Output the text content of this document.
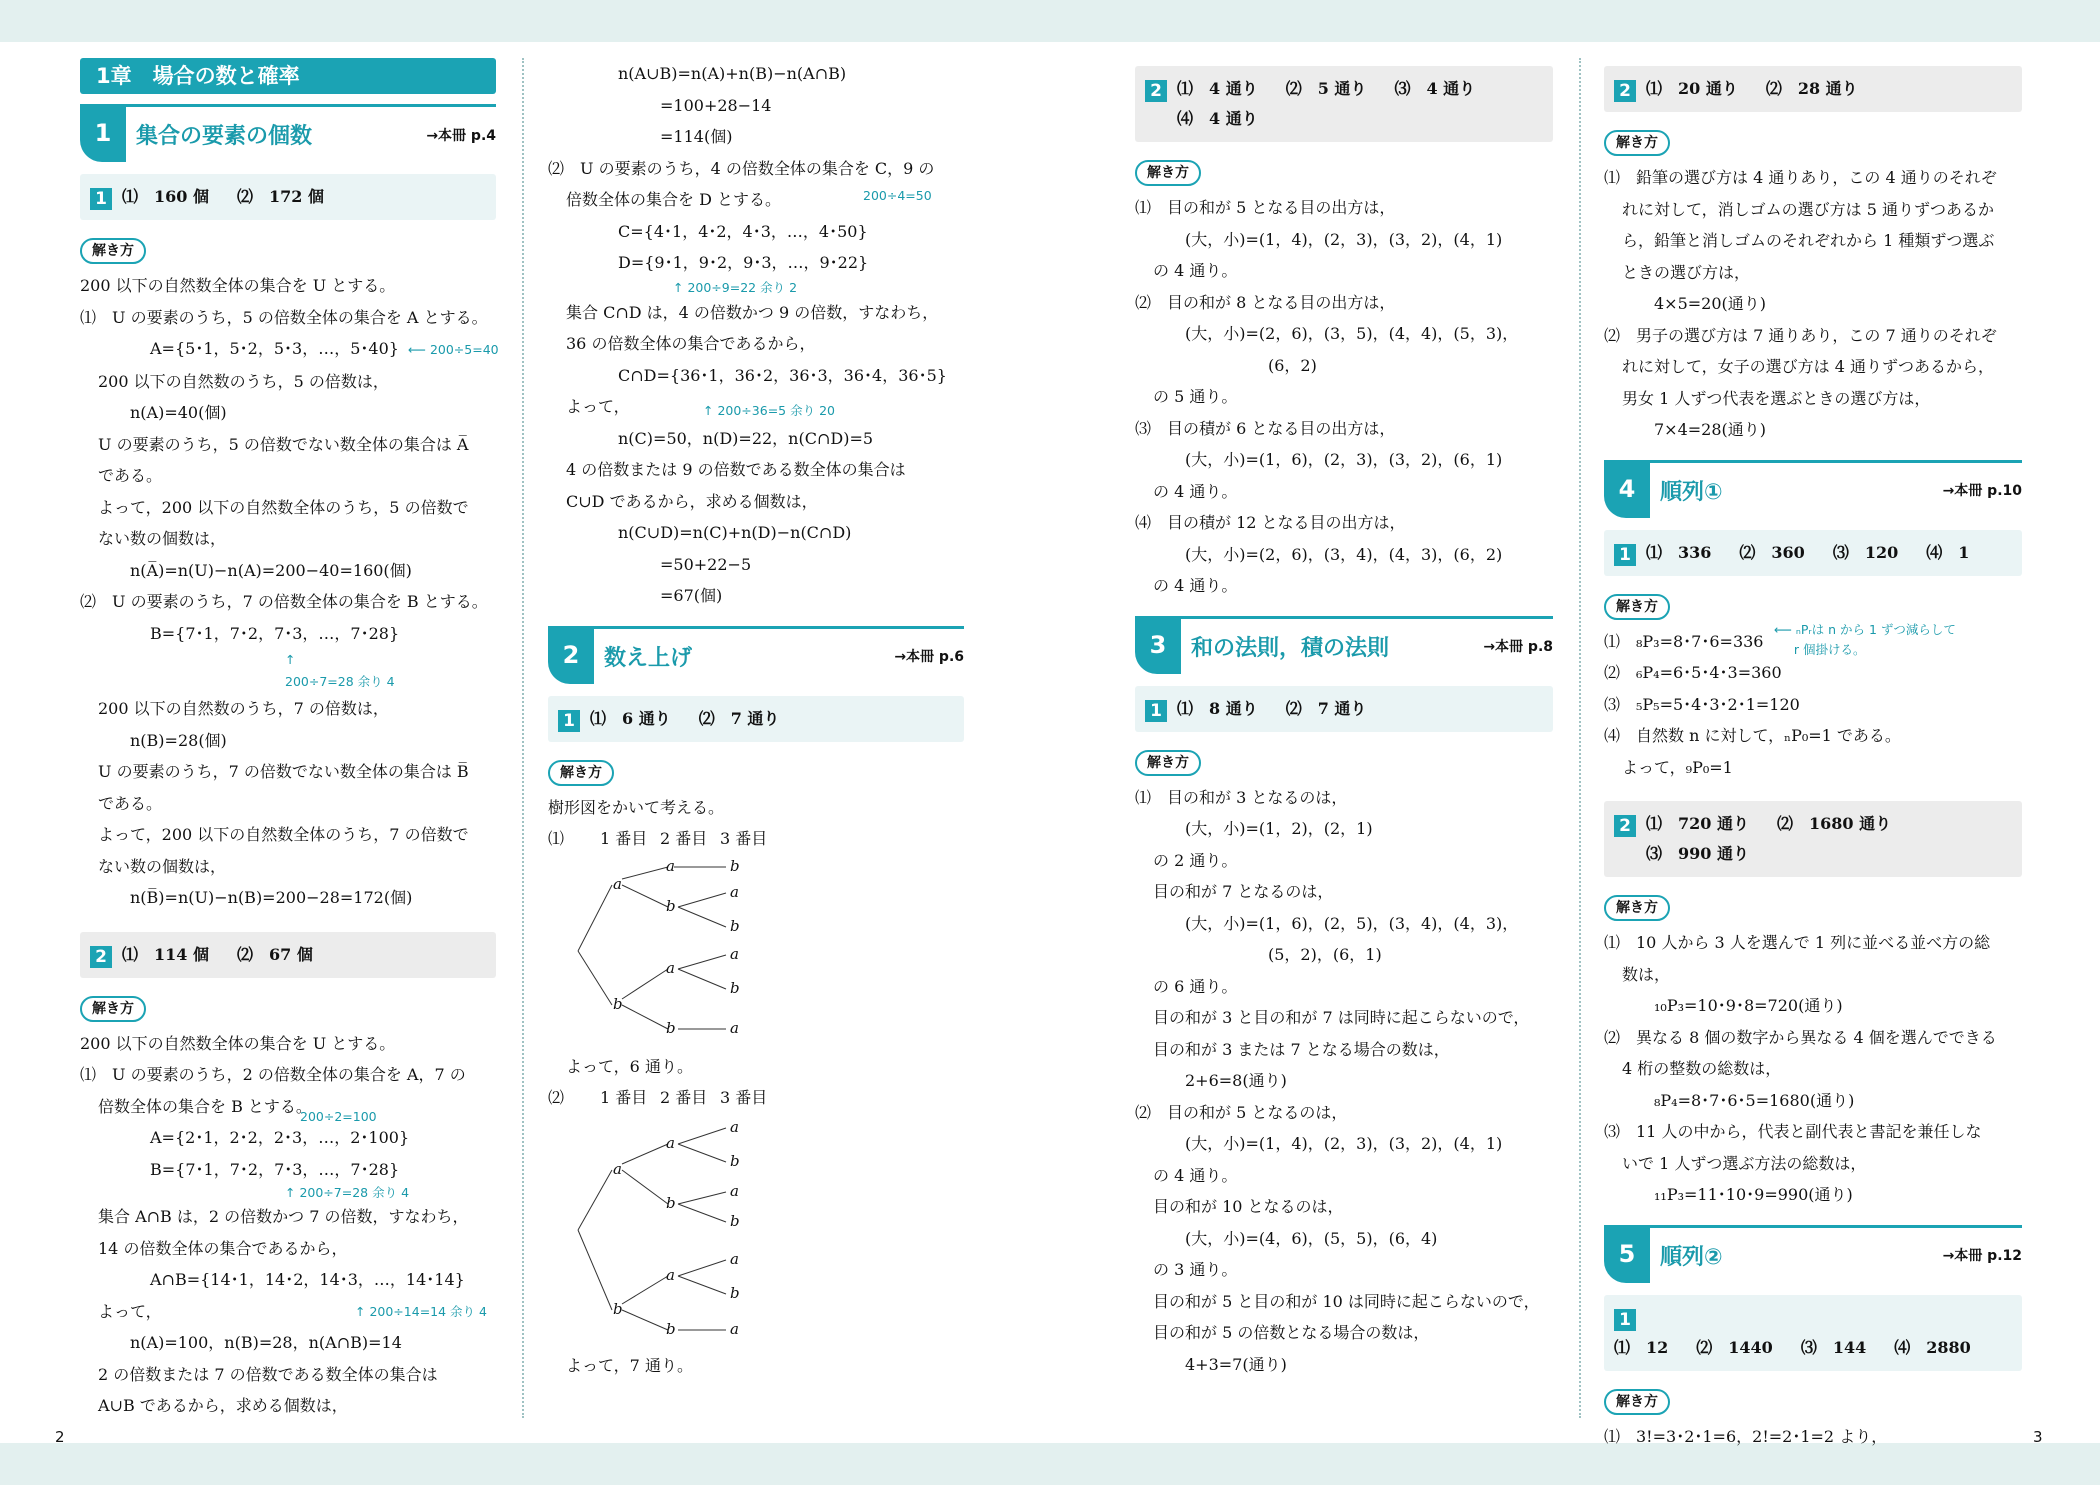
1章　場合の数と確率
1	集合の要素の個数	→本冊 p.4
1 ⑴　160 個 ⑵　172 個
解き方
200 以下の自然数全体の集合を U とする。
⑴　U の要素のうち，5 の倍数全体の集合を A とする。
A={5･1，5･2，5･3，…，5･40} ⟵ 200÷5=40
200 以下の自然数のうち，5 の倍数は，
n(A)=40(個)
U の要素のうち，5 の倍数でない数全体の集合は A̅
である。
よって，200 以下の自然数全体のうち，5 の倍数で
ない数の個数は，
n(A̅)=n(U)−n(A)=200−40=160(個)
⑵　U の要素のうち，7 の倍数全体の集合を B とする。
B={7･1，7･2，7･3，…，7･28}
↑
200÷7=28 余り 4
200 以下の自然数のうち，7 の倍数は，
n(B)=28(個)
U の要素のうち，7 の倍数でない数全体の集合は B̅
である。
よって，200 以下の自然数全体のうち，7 の倍数で
ない数の個数は，
n(B̅)=n(U)−n(B)=200−28=172(個)
2 ⑴　114 個 ⑵　67 個
解き方
200 以下の自然数全体の集合を U とする。
⑴　U の要素のうち，2 の倍数全体の集合を A，7 の
倍数全体の集合を B とする。
200÷2=100
A={2･1，2･2，2･3，…，2･100}
B={7･1，7･2，7･3，…，7･28}
↑ 200÷7=28 余り 4
集合 A∩B は，2 の倍数かつ 7 の倍数，すなわち，
14 の倍数全体の集合であるから，
A∩B={14･1，14･2，14･3，…，14･14}
よって，	↑ 200÷14=14 余り 4
n(A)=100，n(B)=28，n(A∩B)=14
2 の倍数または 7 の倍数である数全体の集合は
A∪B であるから，求める個数は，
n(A∪B)=n(A)+n(B)−n(A∩B)
=100+28−14
=114(個)
⑵　U の要素のうち，4 の倍数全体の集合を C，9 の
倍数全体の集合を D とする。	200÷4=50
C={4･1，4･2，4･3，…，4･50}
D={9･1，9･2，9･3，…，9･22}
↑ 200÷9=22 余り 2
集合 C∩D は，4 の倍数かつ 9 の倍数，すなわち，
36 の倍数全体の集合であるから，
C∩D={36･1，36･2，36･3，36･4，36･5}
よって，	↑ 200÷36=5 余り 20
n(C)=50，n(D)=22，n(C∩D)=5
4 の倍数または 9 の倍数である数全体の集合は
C∪D であるから，求める個数は，
n(C∪D)=n(C)+n(D)−n(C∩D)
=50+22−5
=67(個)
2	数え上げ	→本冊 p.6
1 ⑴　6 通り ⑵　7 通り
解き方
樹形図をかいて考える。
⑴ 1 番目 2 番目 3 番目
a
b
a
b
a
b
b
a
b
a
b
a
よって，6 通り。
⑵ 1 番目 2 番目 3 番目
a
b
a
b
a
b
a
b
a
b
a
b
a
よって，7 通り。
2 ⑴　4 通り ⑵　5 通り ⑶　4 通り
⑷　4 通り
解き方
⑴　目の和が 5 となる目の出方は，
(大，小)=(1，4)，(2，3)，(3，2)，(4，1)
の 4 通り。
⑵　目の和が 8 となる目の出方は，
(大，小)=(2，6)，(3，5)，(4，4)，(5，3)，
(6，2)
の 5 通り。
⑶　目の積が 6 となる目の出方は，
(大，小)=(1，6)，(2，3)，(3，2)，(6，1)
の 4 通り。
⑷　目の積が 12 となる目の出方は，
(大，小)=(2，6)，(3，4)，(4，3)，(6，2)
の 4 通り。
3	和の法則，積の法則	→本冊 p.8
1 ⑴　8 通り ⑵　7 通り
解き方
⑴　目の和が 3 となるのは，
(大，小)=(1，2)，(2，1)
の 2 通り。
目の和が 7 となるのは，
(大，小)=(1，6)，(2，5)，(3，4)，(4，3)，
(5，2)，(6，1)
の 6 通り。
目の和が 3 と目の和が 7 は同時に起こらないので，
目の和が 3 または 7 となる場合の数は，
2+6=8(通り)
⑵　目の和が 5 となるのは，
(大，小)=(1，4)，(2，3)，(3，2)，(4，1)
の 4 通り。
目の和が 10 となるのは，
(大，小)=(4，6)，(5，5)，(6，4)
の 3 通り。
目の和が 5 と目の和が 10 は同時に起こらないので，
目の和が 5 の倍数となる場合の数は，
4+3=7(通り)
2 ⑴　20 通り ⑵　28 通り
解き方
⑴　鉛筆の選び方は 4 通りあり，この 4 通りのそれぞ
れに対して，消しゴムの選び方は 5 通りずつあるか
ら，鉛筆と消しゴムのそれぞれから 1 種類ずつ選ぶ
ときの選び方は，
4×5=20(通り)
⑵　男子の選び方は 7 通りあり，この 7 通りのそれぞ
れに対して，女子の選び方は 4 通りずつあるから，
男女 1 人ずつ代表を選ぶときの選び方は，
7×4=28(通り)
4	順列①	→本冊 p.10
1 ⑴　336 ⑵　360 ⑶　120 ⑷　1
解き方
⑴　₈P₃=8･7･6=336
⟵ ₙPᵣは n から 1 ずつ減らして
r 個掛ける。
⑵　₆P₄=6･5･4･3=360
⑶　₅P₅=5･4･3･2･1=120
⑷　自然数 n に対して，ₙP₀=1 である。
よって，₉P₀=1
2 ⑴　720 通り ⑵　1680 通り
⑶　990 通り
解き方
⑴　10 人から 3 人を選んで 1 列に並べる並べ方の総
数は，
₁₀P₃=10･9･8=720(通り)
⑵　異なる 8 個の数字から異なる 4 個を選んでできる
4 桁の整数の総数は，
₈P₄=8･7･6･5=1680(通り)
⑶　11 人の中から，代表と副代表と書記を兼任しな
いで 1 人ずつ選ぶ方法の総数は，
₁₁P₃=11･10･9=990(通り)
5	順列②	→本冊 p.12
1⑴　12 ⑵　1440 ⑶　144 ⑷　2880
解き方
⑴　3!=3･2･1=6，2!=2･1=2 より，
2	3
